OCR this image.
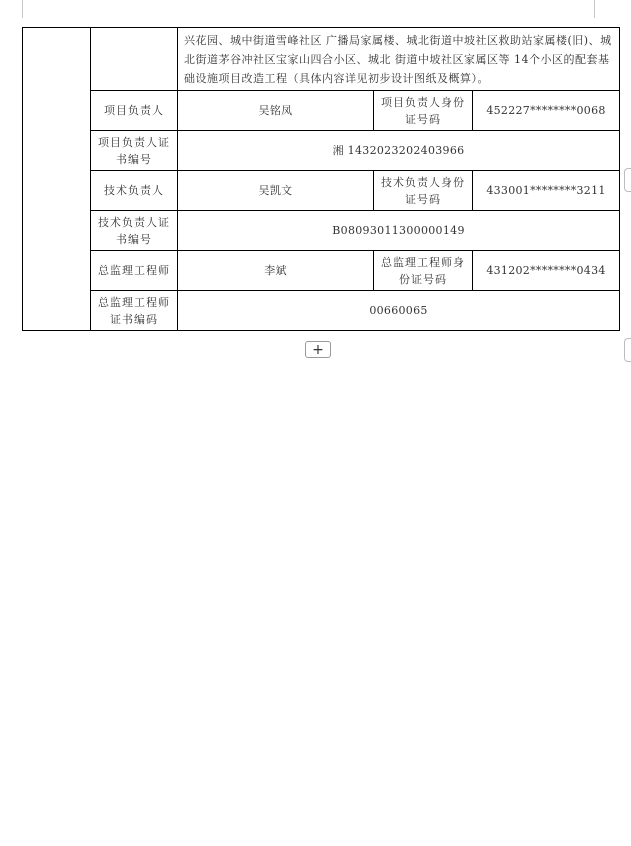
		兴花园、城中街道雪峰社区 广播局家属楼、城北街道中坡社区救助站家属楼(旧)、城北街道茅谷冲社区宝家山四合小区、城北 街道中坡社区家属区等 14个小区的配套基础设施项目改造工程（具体内容详见初步设计图纸及概算）。		
	项目负责人	吴铭凤	项目负责人身份证号码	452227********0068
	项目负责人证书编号	湘 1432023202403966		
	技术负责人	吴凯文	技术负责人身份证号码	433001********3211
	技术负责人证书编号	B08093011300000149		
	总监理工程师	李斌	总监理工程师身份证号码	431202********0434
	总监理工程师证书编码	00660065		
+
